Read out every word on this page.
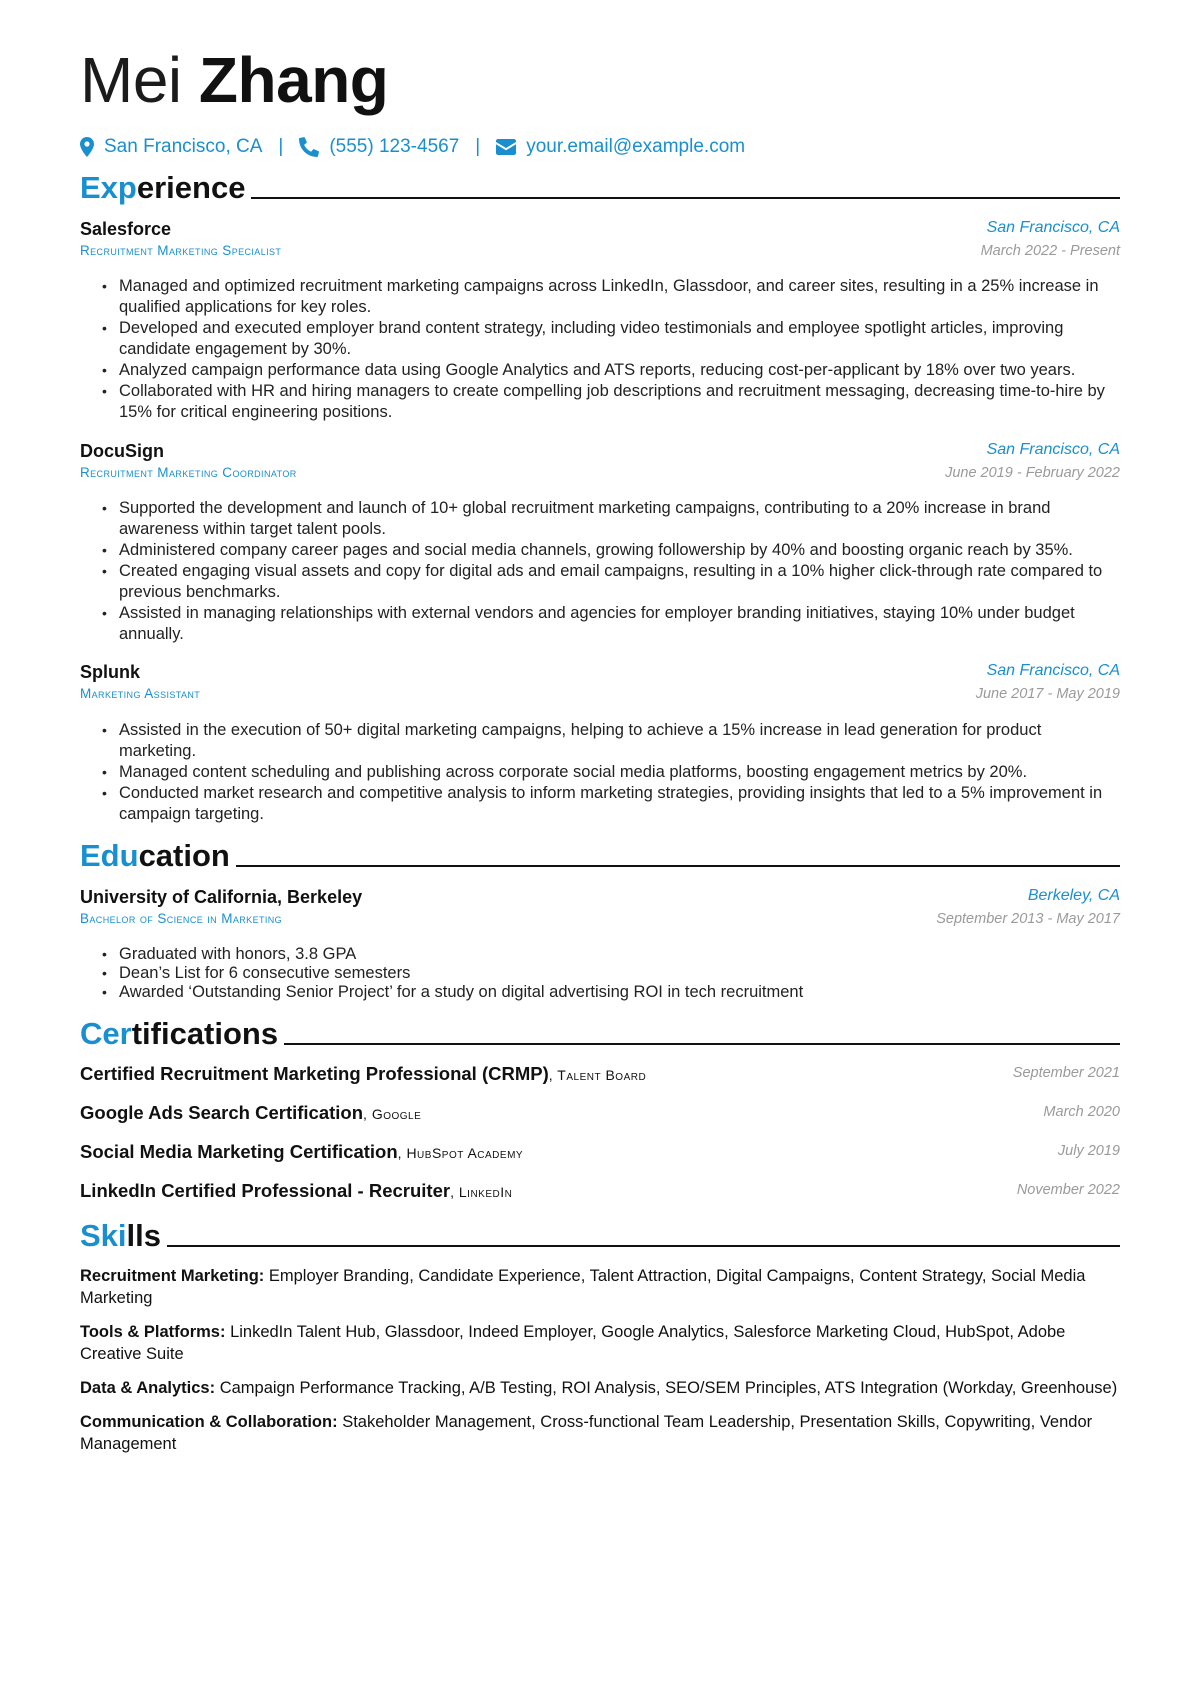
Mei Zhang
San Francisco, CA | (555) 123-4567 | your.email@example.com
Experience
Salesforce	San Francisco, CA
Recruitment Marketing Specialist	March 2022 - Present
• Managed and optimized recruitment marketing campaigns across LinkedIn, Glassdoor, and career sites, resulting in a 25% increase in qualified applications for key roles.
• Developed and executed employer brand content strategy, including video testimonials and employee spotlight articles, improving candidate engagement by 30%.
• Analyzed campaign performance data using Google Analytics and ATS reports, reducing cost-per-applicant by 18% over two years.
• Collaborated with HR and hiring managers to create compelling job descriptions and recruitment messaging, decreasing time-to-hire by 15% for critical engineering positions.
DocuSign	San Francisco, CA
Recruitment Marketing Coordinator	June 2019 - February 2022
• Supported the development and launch of 10+ global recruitment marketing campaigns, contributing to a 20% increase in brand awareness within target talent pools.
• Administered company career pages and social media channels, growing followership by 40% and boosting organic reach by 35%.
• Created engaging visual assets and copy for digital ads and email campaigns, resulting in a 10% higher click-through rate compared to previous benchmarks.
• Assisted in managing relationships with external vendors and agencies for employer branding initiatives, staying 10% under budget annually.
Splunk	San Francisco, CA
Marketing Assistant	June 2017 - May 2019
• Assisted in the execution of 50+ digital marketing campaigns, helping to achieve a 15% increase in lead generation for product marketing.
• Managed content scheduling and publishing across corporate social media platforms, boosting engagement metrics by 20%.
• Conducted market research and competitive analysis to inform marketing strategies, providing insights that led to a 5% improvement in campaign targeting.
Education
University of California, Berkeley	Berkeley, CA
Bachelor of Science in Marketing	September 2013 - May 2017
• Graduated with honors, 3.8 GPA
• Dean’s List for 6 consecutive semesters
• Awarded ‘Outstanding Senior Project’ for a study on digital advertising ROI in tech recruitment
Certifications
Certified Recruitment Marketing Professional (CRMP), Talent Board	September 2021
Google Ads Search Certification, Google	March 2020
Social Media Marketing Certification, HubSpot Academy	July 2019
LinkedIn Certified Professional - Recruiter, LinkedIn	November 2022
Skills
Recruitment Marketing: Employer Branding, Candidate Experience, Talent Attraction, Digital Campaigns, Content Strategy, Social Media Marketing
Tools & Platforms: LinkedIn Talent Hub, Glassdoor, Indeed Employer, Google Analytics, Salesforce Marketing Cloud, HubSpot, Adobe Creative Suite
Data & Analytics: Campaign Performance Tracking, A/B Testing, ROI Analysis, SEO/SEM Principles, ATS Integration (Workday, Greenhouse)
Communication & Collaboration: Stakeholder Management, Cross-functional Team Leadership, Presentation Skills, Copywriting, Vendor Management
